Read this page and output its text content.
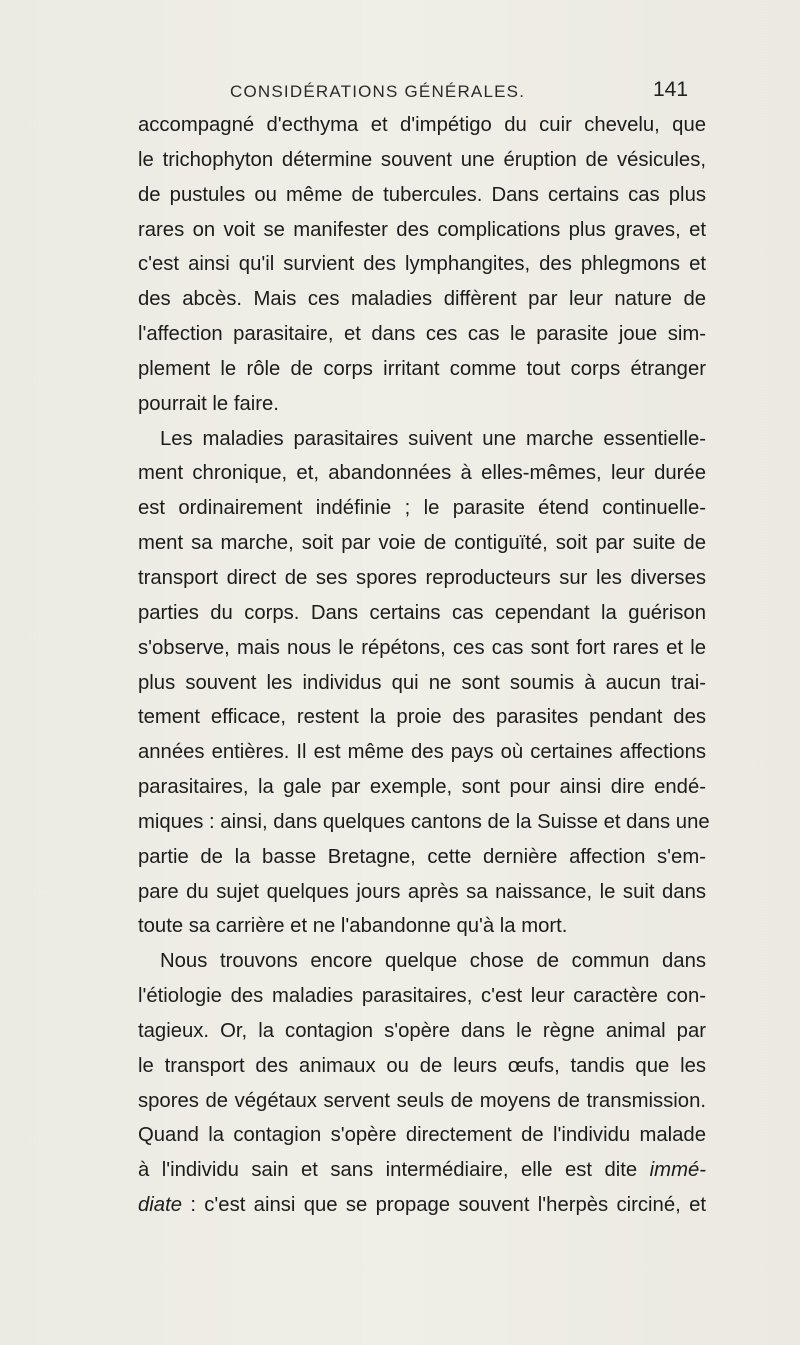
CONSIDÉRATIONS GÉNÉRALES.	141

accompagné d'ecthyma et d'impétigo du cuir chevelu, que
le trichophyton détermine souvent une éruption de vésicules,
de pustules ou même de tubercules. Dans certains cas plus
rares on voit se manifester des complications plus graves, et
c'est ainsi qu'il survient des lymphangites, des phlegmons et
des abcès. Mais ces maladies diffèrent par leur nature de
l'affection parasitaire, et dans ces cas le parasite joue sim-
plement le rôle de corps irritant comme tout corps étranger
pourrait le faire.

Les maladies parasitaires suivent une marche essentielle-
ment chronique, et, abandonnées à elles-mêmes, leur durée
est ordinairement indéfinie ; le parasite étend continuelle-
ment sa marche, soit par voie de contiguïté, soit par suite de
transport direct de ses spores reproducteurs sur les diverses
parties du corps. Dans certains cas cependant la guérison
s'observe, mais nous le répétons, ces cas sont fort rares et le
plus souvent les individus qui ne sont soumis à aucun trai-
tement efficace, restent la proie des parasites pendant des
années entières. Il est même des pays où certaines affections
parasitaires, la gale par exemple, sont pour ainsi dire endé-
miques : ainsi, dans quelques cantons de la Suisse et dans une
partie de la basse Bretagne, cette dernière affection s'em-
pare du sujet quelques jours après sa naissance, le suit dans
toute sa carrière et ne l'abandonne qu'à la mort.

Nous trouvons encore quelque chose de commun dans
l'étiologie des maladies parasitaires, c'est leur caractère con-
tagieux. Or, la contagion s'opère dans le règne animal par
le transport des animaux ou de leurs œufs, tandis que les
spores de végétaux servent seuls de moyens de transmission.
Quand la contagion s'opère directement de l'individu malade
à l'individu sain et sans intermédiaire, elle est dite immé-
diate : c'est ainsi que se propage souvent l'herpès circiné, et
